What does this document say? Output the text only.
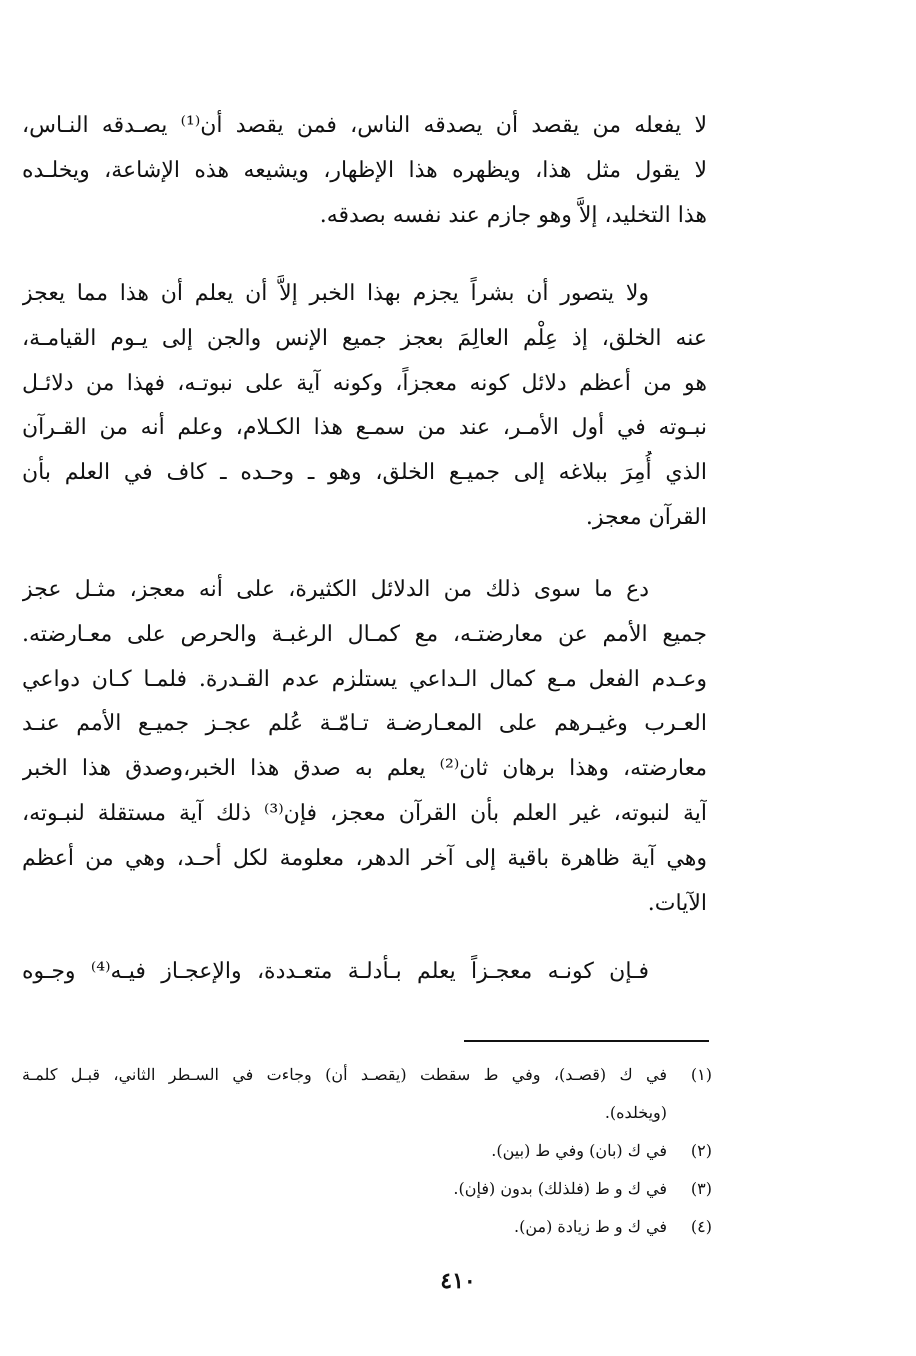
لا يفعله من يقصد أن يصدقه الناس، فمن يقصد أن⁽¹⁾ يصـدقه النـاس،
لا يقول مثل هذا، ويظهره هذا الإظهار، ويشيعه هذه الإشاعة، ويخلـده
هذا التخليد، إلاَّ وهو جازم عند نفسه بصدقه.
ولا يتصور أن بشراً يجزم بهذا الخبر إلاَّ أن يعلم أن هذا مما يعجز
عنه الخلق، إذ عِلْم العالِمَ بعجز جميع الإنس والجن إلى يـوم القيامـة،
هو من أعظم دلائل كونه معجزاً، وكونه آية على نبوتـه، فهذا من دلائـل
نبـوته في أول الأمـر، عند من سمـع هذا الكـلام، وعلم أنه من القـرآن
الذي أُمِرَ ببلاغه إلى جميـع الخلق، وهو ـ وحـده ـ كاف في العلم بأن
القرآن معجز.
دع ما سوى ذلك من الدلائل الكثيرة، على أنه معجز، مثـل عجز
جميع الأمم عن معارضتـه، مع كمـال الرغبـة والحرص على معـارضته.
وعـدم الفعل مـع كمال الـداعي يستلزم عدم القـدرة. فلمـا كـان دواعي
العـرب وغيـرهم على المعـارضـة تـامّـة عُلم عجـز جميـع الأمم عنـد
معارضته، وهذا برهان ثان⁽²⁾ يعلم به صدق هذا الخبر،وصدق هذا الخبر
آية لنبوته، غير العلم بأن القرآن معجز، فإن⁽³⁾ ذلك آية مستقلة لنبـوته،
وهي آية ظاهرة باقية إلى آخر الدهر، معلومة لكل أحـد، وهي من أعظم
الآيات.
فـإن كونـه معجـزاً يعلم بـأدلـة متعـددة، والإعجـاز فيـه⁽⁴⁾ وجـوه
(١)
في ك (قصـد)، وفي ط سقطت (يقصـد أن) وجاءت في السـطر الثاني، قبـل كلمـة
(ويخلده).
(٢)
في ك (بان) وفي ط (بين).
(٣)
في ك و ط (فلذلك) بدون (فإن).
(٤)
في ك و ط زيادة (من).
٤١٠
